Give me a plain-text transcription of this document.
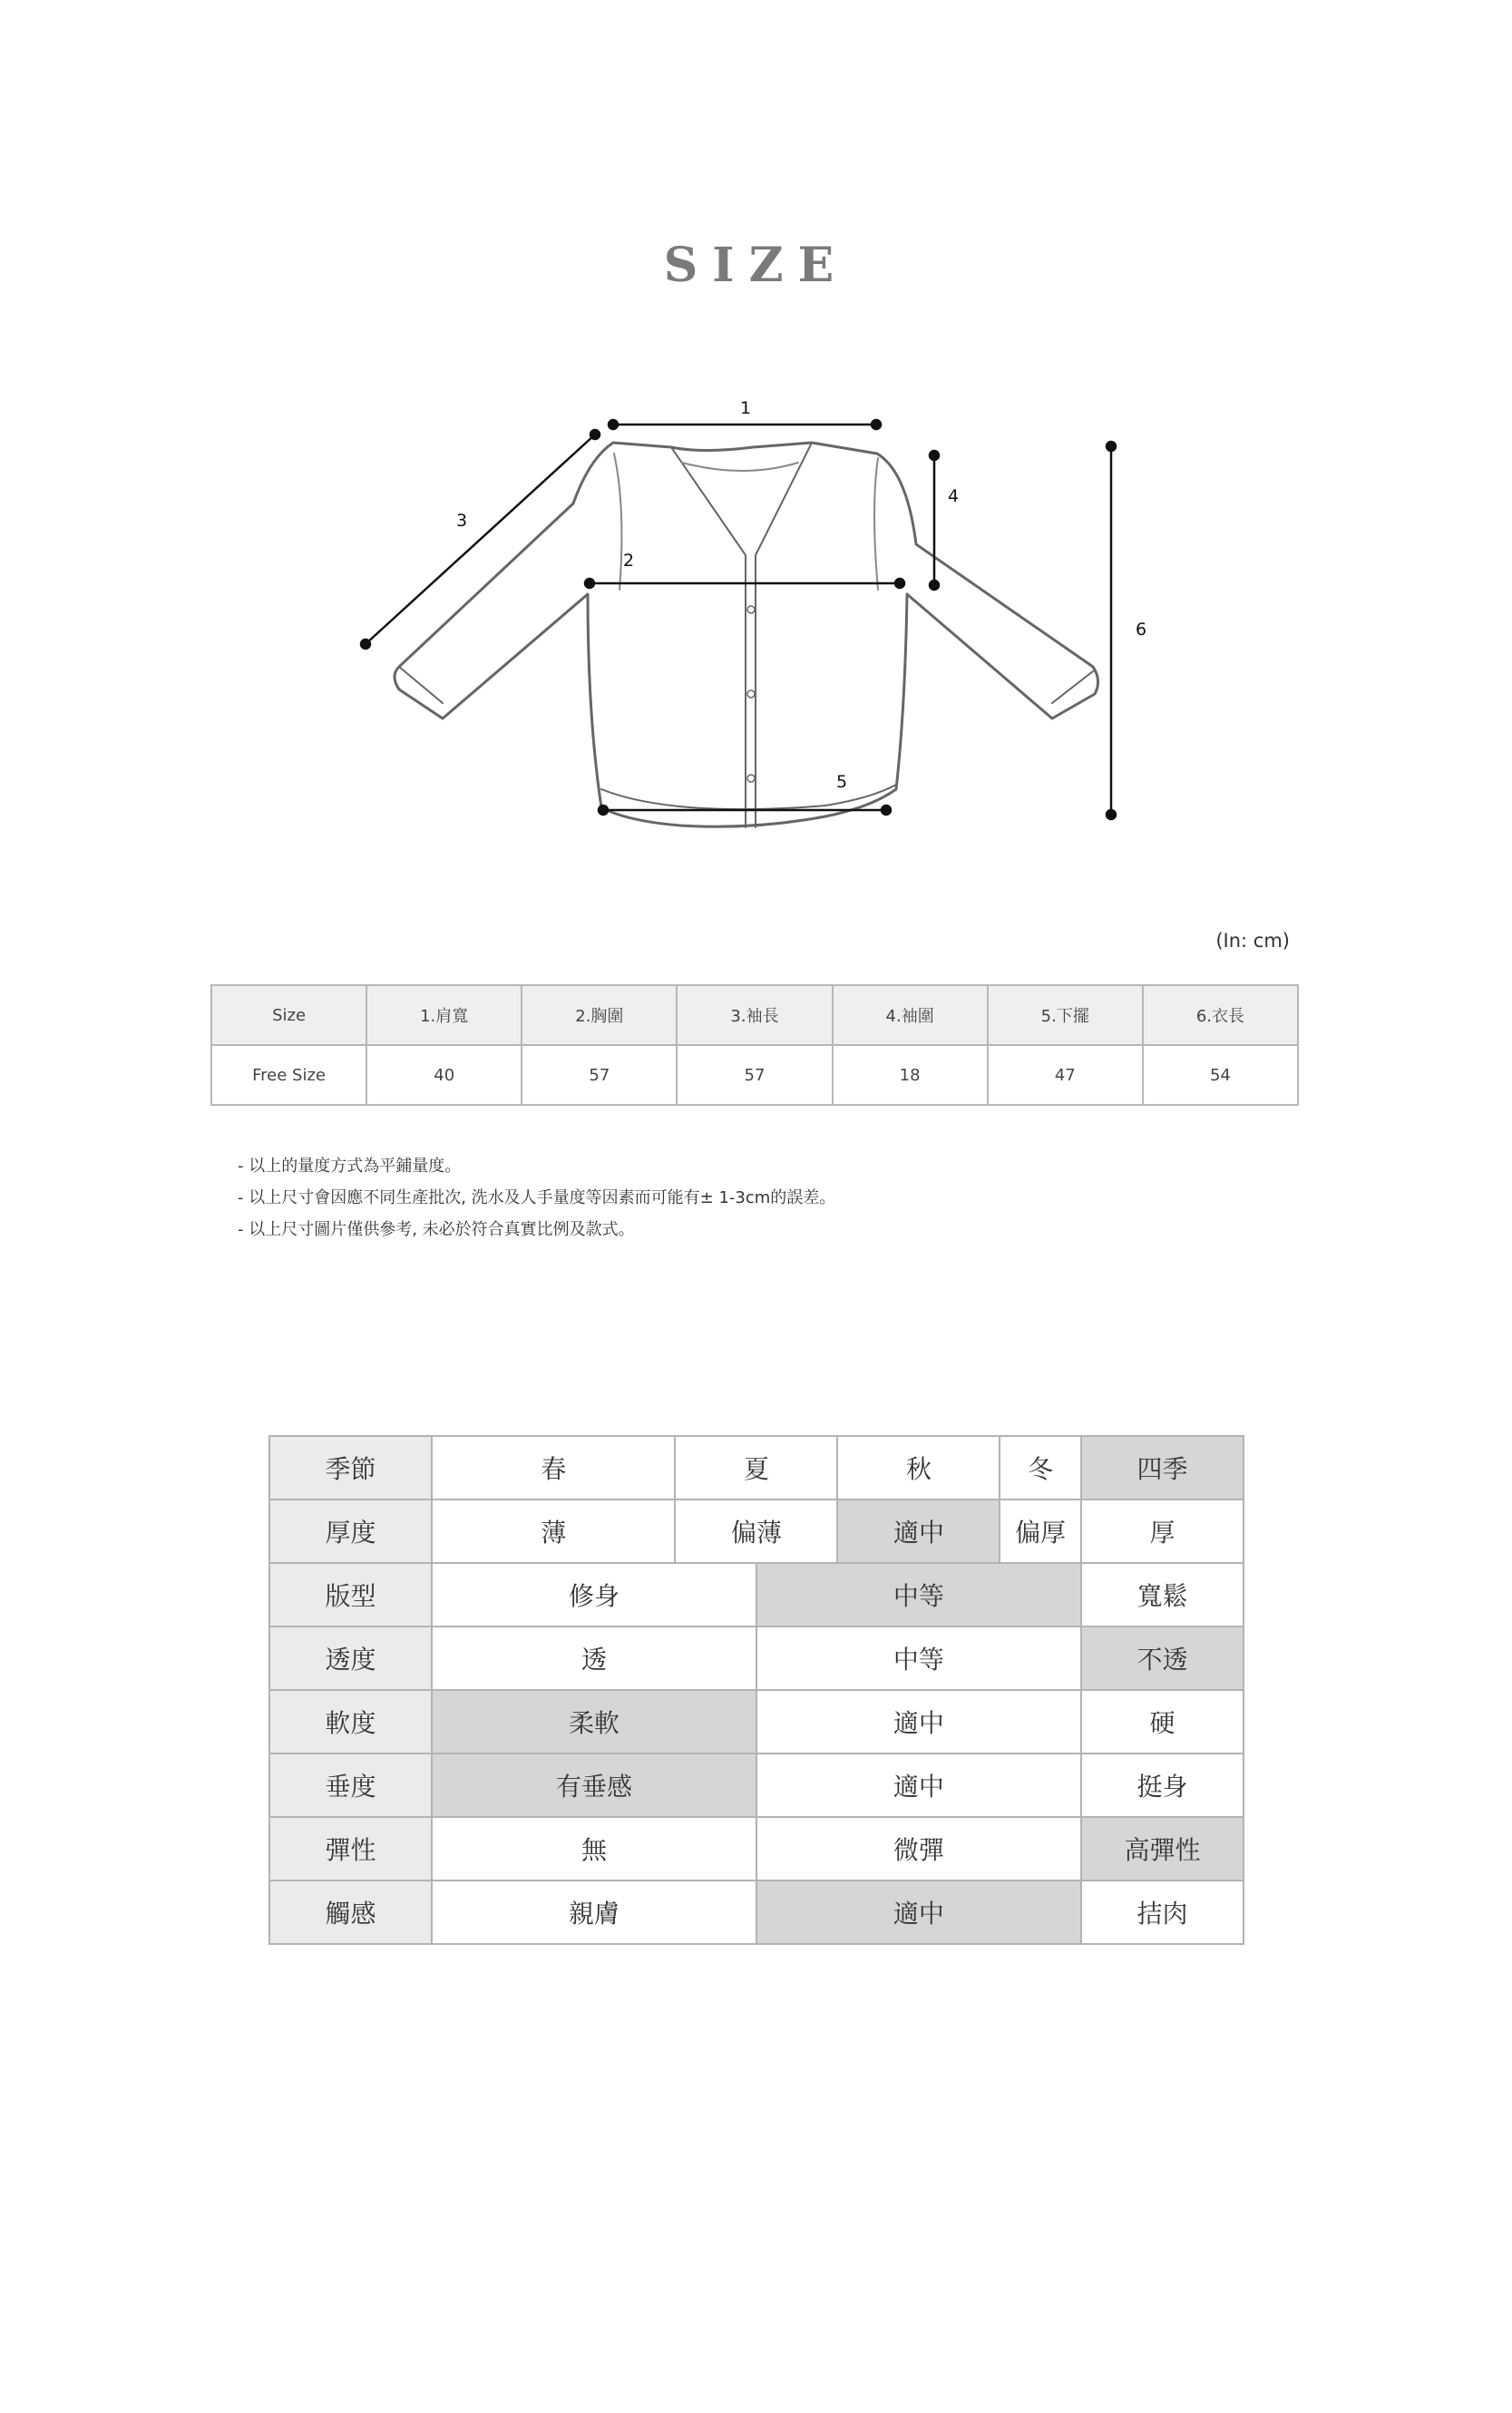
SIZE
1
2
3
4
5
6
(In: cm)
Size	1.肩寬	2.胸圍	3.袖長	4.袖圍	5.下擺	6.衣長
Free Size	40	57	57	18	47	54
- 以上的量度方式為平鋪量度。
- 以上尺寸會因應不同生產批次, 洗水及人手量度等因素而可能有± 1-3cm的誤差。
- 以上尺寸圖片僅供參考, 未必於符合真實比例及款式。
季節	春	夏		秋	冬	四季
厚度	薄	偏薄		適中	偏厚	厚
版型	修身		中等			寬鬆
透度	透		中等			不透
軟度	柔軟		適中			硬
垂度	有垂感		適中			挺身
彈性	無		微彈			高彈性
觸感	親膚		適中			拮肉
